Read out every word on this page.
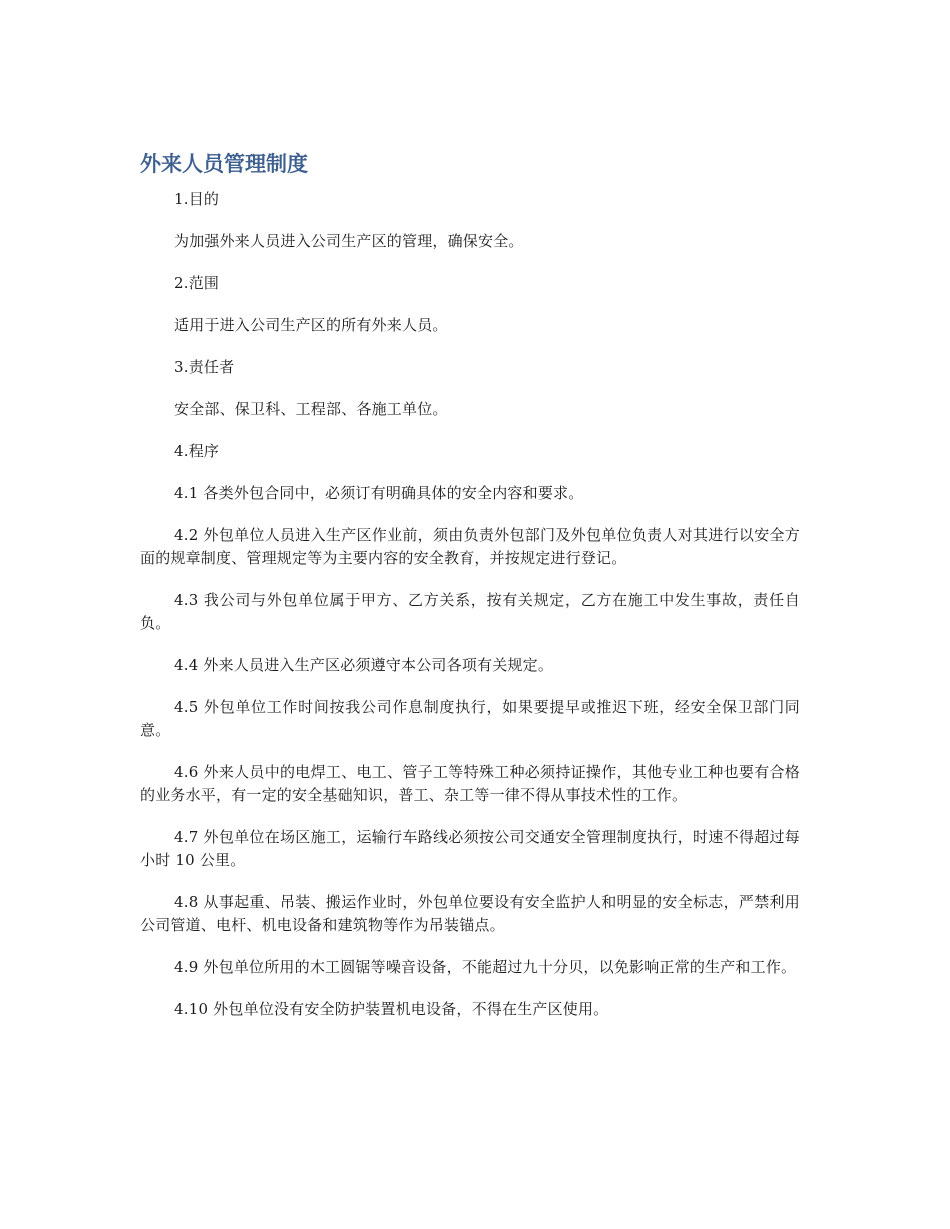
外来人员管理制度

1.目的

为加强外来人员进入公司生产区的管理，确保安全。

2.范围

适用于进入公司生产区的所有外来人员。

3.责任者

安全部、保卫科、工程部、各施工单位。

4.程序

4.1 各类外包合同中，必须订有明确具体的安全内容和要求。

4.2 外包单位人员进入生产区作业前，须由负责外包部门及外包单位负责人对其进行以安全方面的规章制度、管理规定等为主要内容的安全教育，并按规定进行登记。

4.3 我公司与外包单位属于甲方、乙方关系，按有关规定，乙方在施工中发生事故，责任自负。

4.4 外来人员进入生产区必须遵守本公司各项有关规定。

4.5 外包单位工作时间按我公司作息制度执行，如果要提早或推迟下班，经安全保卫部门同意。

4.6 外来人员中的电焊工、电工、管子工等特殊工种必须持证操作，其他专业工种也要有合格的业务水平，有一定的安全基础知识，普工、杂工等一律不得从事技术性的工作。

4.7 外包单位在场区施工，运输行车路线必须按公司交通安全管理制度执行，时速不得超过每小时 10 公里。

4.8 从事起重、吊装、搬运作业时，外包单位要设有安全监护人和明显的安全标志，严禁利用公司管道、电杆、机电设备和建筑物等作为吊装锚点。

4.9 外包单位所用的木工圆锯等噪音设备，不能超过九十分贝，以免影响正常的生产和工作。

4.10 外包单位没有安全防护装置机电设备，不得在生产区使用。
